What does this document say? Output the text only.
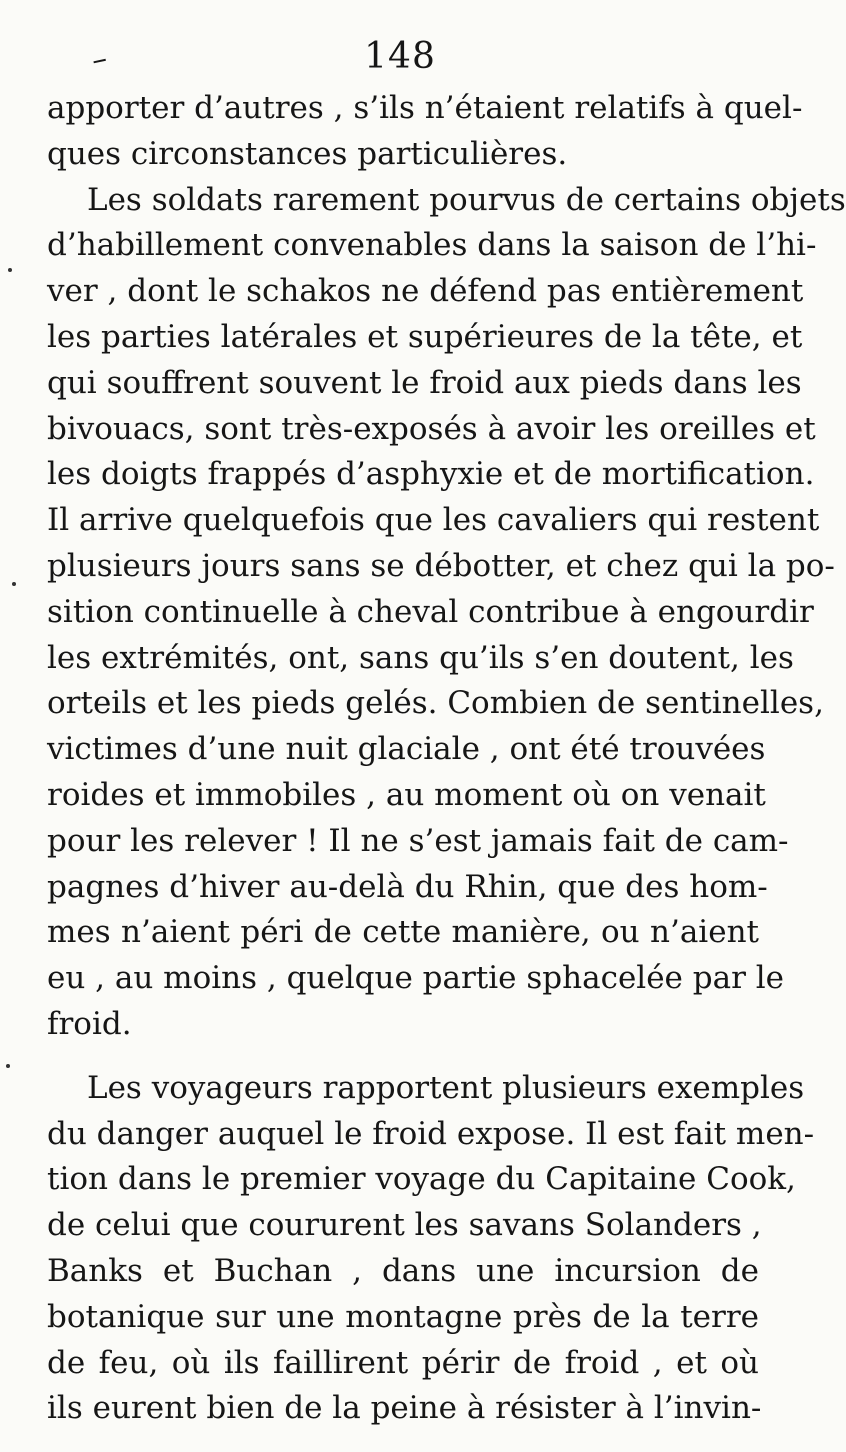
–	148
apporter d’autres , s’ils n’étaient relatifs à quel-
ques circonstances particulières.
Les soldats rarement pourvus de certains objets
d’habillement convenables dans la saison de l’hi-
ver , dont le schakos ne défend pas entièrement
les parties latérales et supérieures de la tête, et
qui souffrent souvent le froid aux pieds dans les
bivouacs, sont très-exposés à avoir les oreilles et
les doigts frappés d’asphyxie et de mortification.
Il arrive quelquefois que les cavaliers qui restent
plusieurs jours sans se débotter, et chez qui la po-
sition continuelle à cheval contribue à engourdir
les extrémités, ont, sans qu’ils s’en doutent, les
orteils et les pieds gelés. Combien de sentinelles,
victimes d’une nuit glaciale , ont été trouvées
roides et immobiles , au moment où on venait
pour les relever ! Il ne s’est jamais fait de cam-
pagnes d’hiver au-delà du Rhin, que des hom-
mes n’aient péri de cette manière, ou n’aient
eu , au moins , quelque partie sphacelée par le
froid.
Les voyageurs rapportent plusieurs exemples
du danger auquel le froid expose. Il est fait men-
tion dans le premier voyage du Capitaine Cook,
de celui que coururent les savans Solanders ,
Banks et Buchan , dans une incursion de
botanique sur une montagne près de la terre
de feu, où ils faillirent périr de froid , et où
ils eurent bien de la peine à résister à l’invin-
